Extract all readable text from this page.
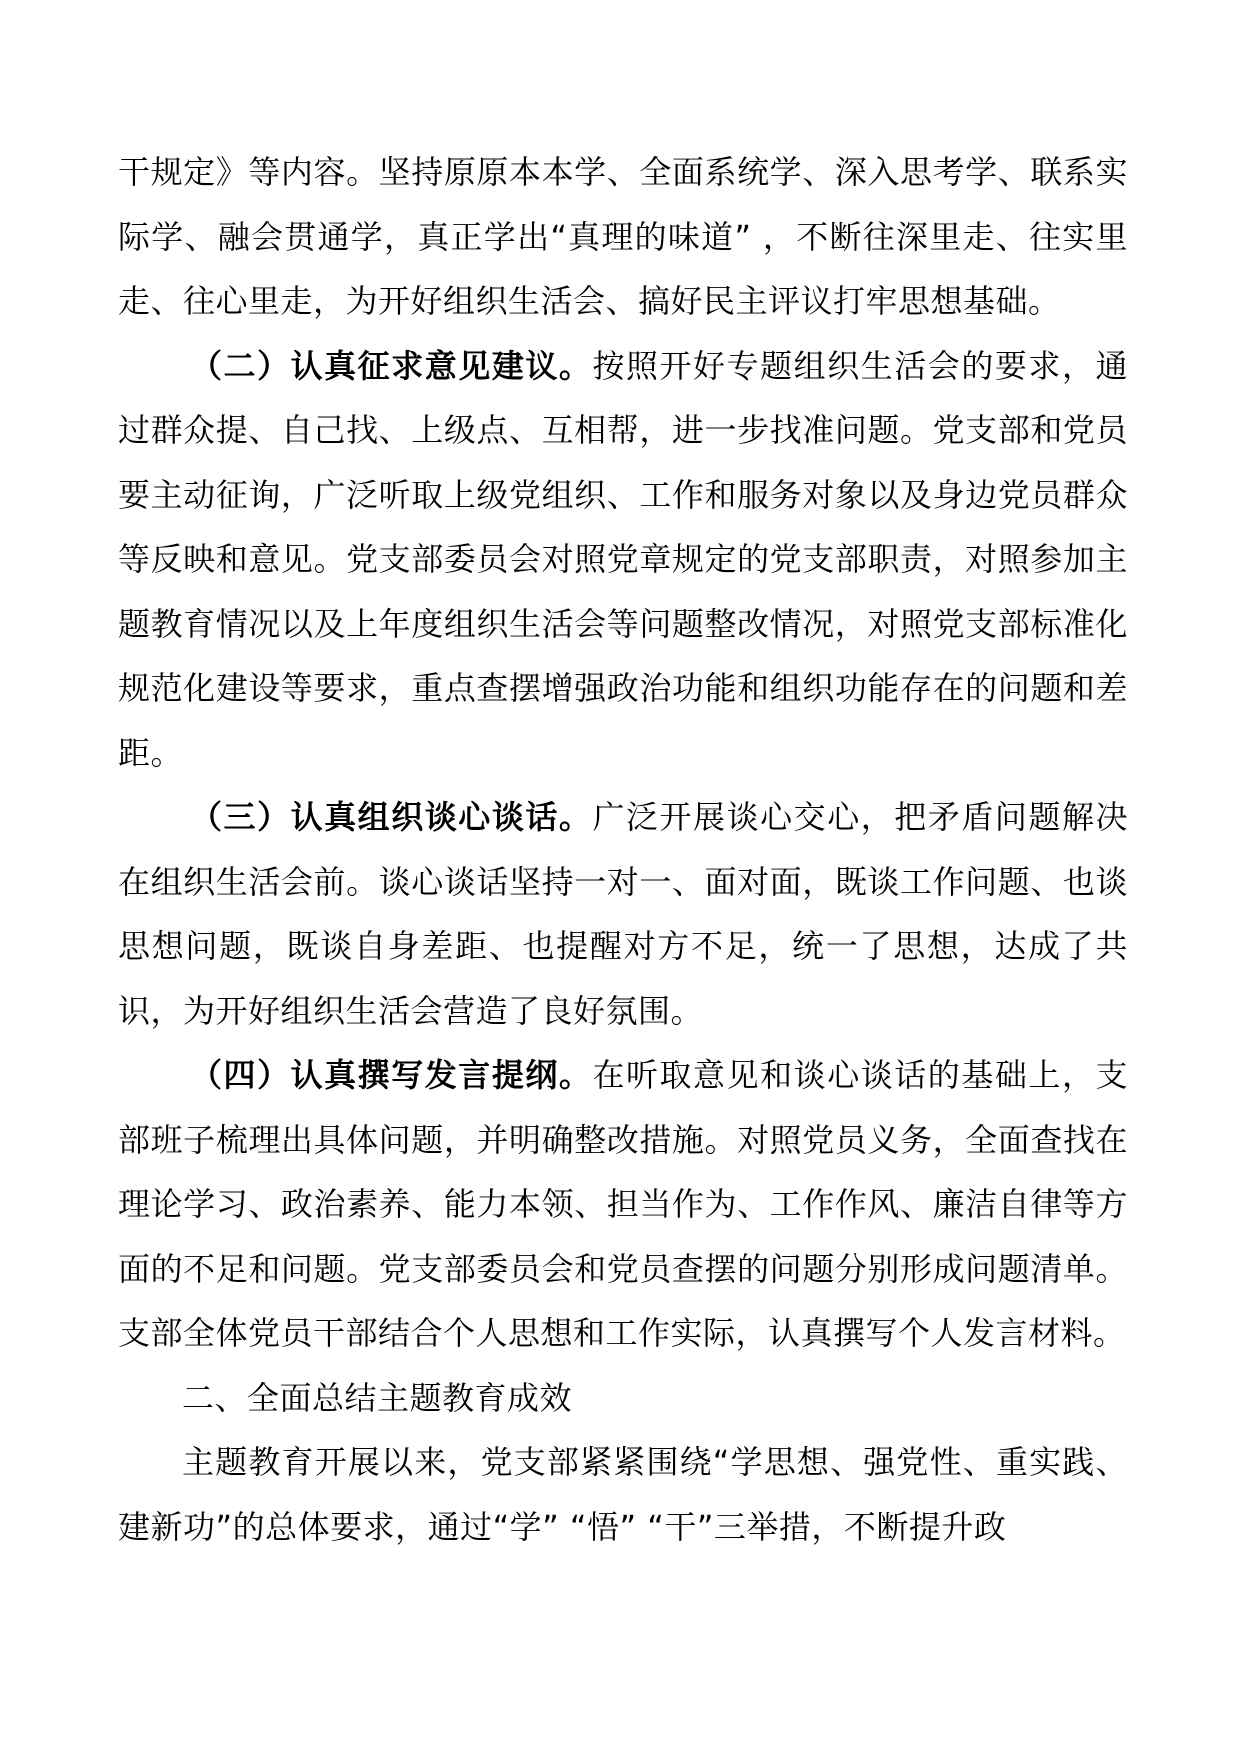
干规定》等内容。坚持原原本本学、全面系统学、深入思考学、联系实际学、融会贯通学，真正学出“真理的味道” ，不断往深里走、往实里走、往心里走，为开好组织生活会、搞好民主评议打牢思想基础。

（二）认真征求意见建议。按照开好专题组织生活会的要求，通过群众提、自己找、上级点、互相帮，进一步找准问题。党支部和党员要主动征询，广泛听取上级党组织、工作和服务对象以及身边党员群众等反映和意见。党支部委员会对照党章规定的党支部职责，对照参加主题教育情况以及上年度组织生活会等问题整改情况，对照党支部标准化规范化建设等要求，重点查摆增强政治功能和组织功能存在的问题和差距。

（三）认真组织谈心谈话。广泛开展谈心交心，把矛盾问题解决在组织生活会前。谈心谈话坚持一对一、面对面，既谈工作问题、也谈思想问题，既谈自身差距、也提醒对方不足，统一了思想，达成了共识，为开好组织生活会营造了良好氛围。

（四）认真撰写发言提纲。在听取意见和谈心谈话的基础上，支部班子梳理出具体问题，并明确整改措施。对照党员义务，全面查找在理论学习、政治素养、能力本领、担当作为、工作作风、廉洁自律等方面的不足和问题。党支部委员会和党员查摆的问题分别形成问题清单。支部全体党员干部结合个人思想和工作实际，认真撰写个人发言材料。

二、全面总结主题教育成效

主题教育开展以来，党支部紧紧围绕“学思想、强党性、重实践、建新功”的总体要求，通过“学” “悟” “干”三举措，不断提升政
